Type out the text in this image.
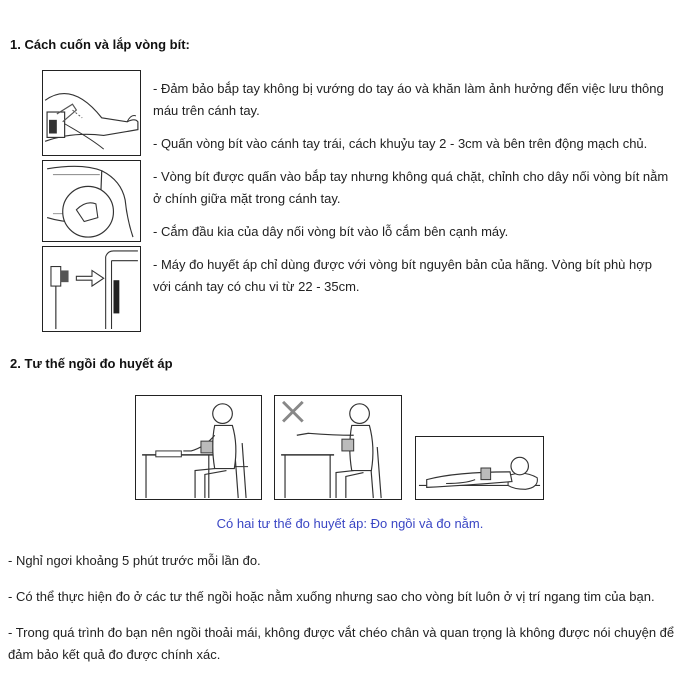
1. Cách cuốn và lắp vòng bít:

- Đảm bảo bắp tay không bị vướng do tay áo và khăn làm ảnh hưởng đến việc lưu thông máu trên cánh tay.

- Quấn vòng bít vào cánh tay trái, cách khuỷu tay 2 - 3cm và bên trên động mạch chủ.

- Vòng bít được quấn vào bắp tay nhưng không quá chặt, chỉnh cho dây nối vòng bít nằm ở chính giữa mặt trong cánh tay.

- Cắm đầu kia của dây nối vòng bít vào lỗ cắm bên cạnh máy.

- Máy đo huyết áp chỉ dùng được với vòng bít nguyên bản của hãng. Vòng bít phù hợp với cánh tay có chu vi từ 22 - 35cm.

2. Tư thế ngồi đo huyết áp
Có hai tư thế đo huyết áp: Đo ngồi và đo nằm.

- Nghỉ ngơi khoảng 5 phút trước mỗi lần đo.

- Có thể thực hiện đo ở các tư thế ngồi hoặc nằm xuống nhưng sao cho vòng bít luôn ở vị trí ngang tim của bạn.

- Trong quá trình đo bạn nên ngồi thoải mái, không được vắt chéo chân và quan trọng là không được nói chuyện để đảm bảo kết quả đo được chính xác.
